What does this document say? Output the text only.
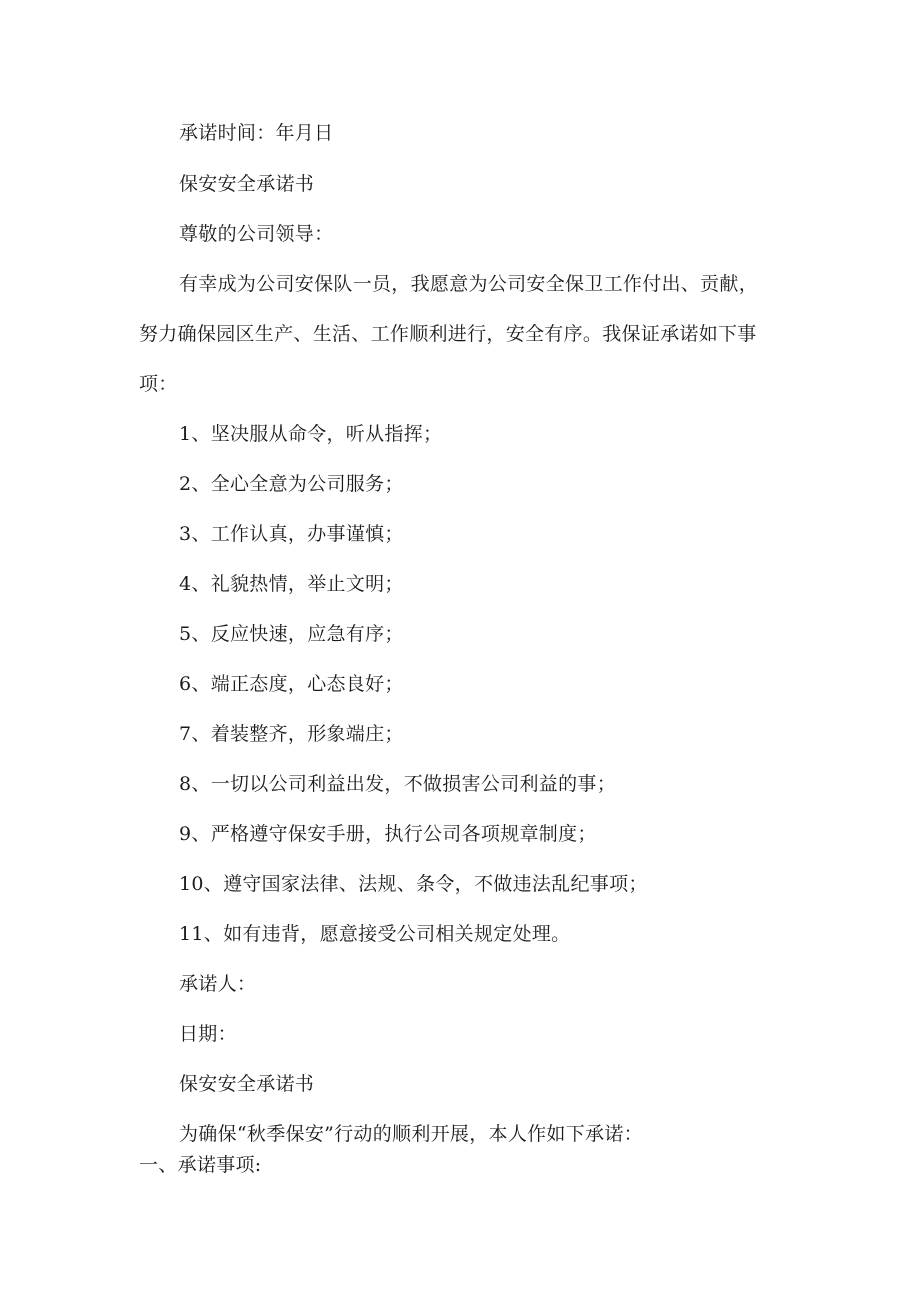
承诺时间：年月日
保安安全承诺书
尊敬的公司领导：
有幸成为公司安保队一员，我愿意为公司安全保卫工作付出、贡献，
努力确保园区生产、生活、工作顺利进行，安全有序。我保证承诺如下事
项：
1、坚决服从命令，听从指挥；
2、全心全意为公司服务；
3、工作认真，办事谨慎；
4、礼貌热情，举止文明；
5、反应快速，应急有序；
6、端正态度，心态良好；
7、着装整齐，形象端庄；
8、一切以公司利益出发，不做损害公司利益的事；
9、严格遵守保安手册，执行公司各项规章制度；
10、遵守国家法律、法规、条令，不做违法乱纪事项；
11、如有违背，愿意接受公司相关规定处理。
承诺人：
日期：
保安安全承诺书
为确保“秋季保安”行动的顺利开展，本人作如下承诺：
一、承诺事项:
